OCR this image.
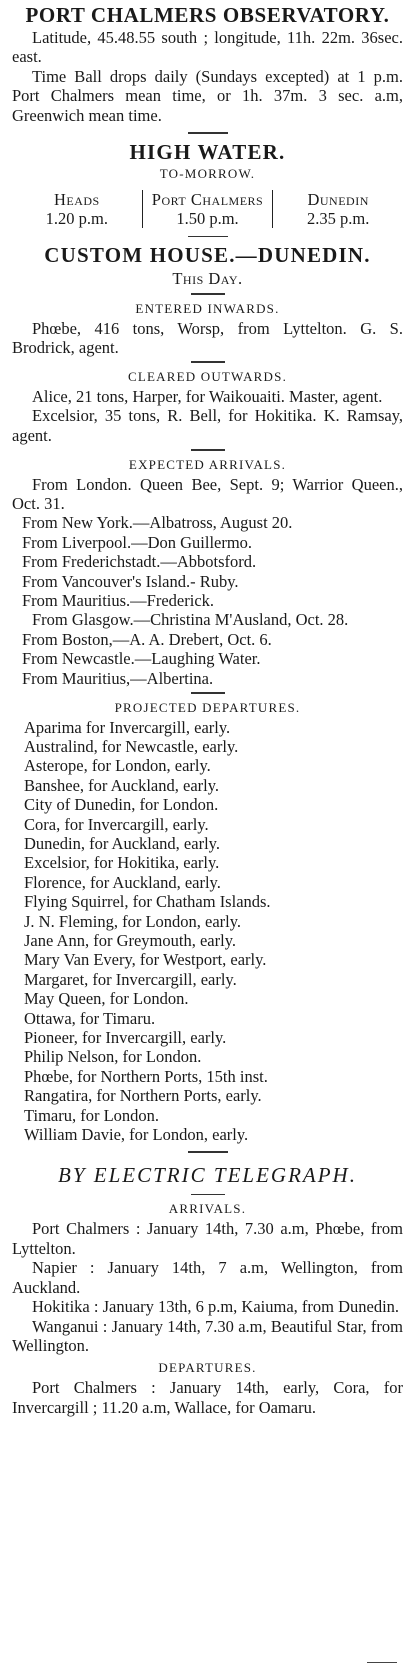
PORT CHALMERS OBSERVATORY.

Latitude, 45.48.55 south ; longitude, 11h. 22m. 36sec. east.

Time Ball drops daily (Sundays excepted) at 1 p.m. Port Chalmers mean time, or 1h. 37m. 3 sec. a.m, Greenwich mean time.

HIGH WATER.
TO-MORROW.
Heads
1.20 p.m.
Port Chalmers
1.50 p.m.
Dunedin
2.35 p.m.
CUSTOM HOUSE.—DUNEDIN.
This Day.
ENTERED INWARDS.

Phœbe, 416 tons, Worsp, from Lyttelton. G. S. Brodrick, agent.

CLEARED OUTWARDS.

Alice, 21 tons, Harper, for Waikouaiti. Master, agent.

Excelsior, 35 tons, R. Bell, for Hokitika. K. Ramsay, agent.

EXPECTED ARRIVALS.

From London. Queen Bee, Sept. 9; Warrior Queen., Oct. 31.

From New York.—Albatross, August 20.

From Liverpool.—Don Guillermo.

From Frederichstadt.—Abbotsford.

From Vancouver's Island.- Ruby.

From Mauritius.—Frederick.

From Glasgow.—Christina M'Ausland, Oct. 28.

From Boston,—A. A. Drebert, Oct. 6.

From Newcastle.—Laughing Water.

From Mauritius,—Albertina.

PROJECTED DEPARTURES.

Aparima for Invercargill, early.

Australind, for Newcastle, early.

Asterope, for London, early.

Banshee, for Auckland, early.

City of Dunedin, for London.

Cora, for Invercargill, early.

Dunedin, for Auckland, early.

Excelsior, for Hokitika, early.

Florence, for Auckland, early.

Flying Squirrel, for Chatham Islands.

J. N. Fleming, for London, early.

Jane Ann, for Greymouth, early.

Mary Van Every, for Westport, early.

Margaret, for Invercargill, early.

May Queen, for London.

Ottawa, for Timaru.

Pioneer, for Invercargill, early.

Philip Nelson, for London.

Phœbe, for Northern Ports, 15th inst.

Rangatira, for Northern Ports, early.

Timaru, for London.

William Davie, for London, early.

BY ELECTRIC TELEGRAPH.
ARRIVALS.

Port Chalmers : January 14th, 7.30 a.m, Phœbe, from Lyttelton.

Napier : January 14th, 7 a.m, Wellington, from Auckland.

Hokitika : January 13th, 6 p.m, Kaiuma, from Dunedin.

Wanganui : January 14th, 7.30 a.m, Beautiful Star, from Wellington.

DEPARTURES.

Port Chalmers : January 14th, early, Cora, for Invercargill ; 11.20 a.m, Wallace, for Oamaru.
